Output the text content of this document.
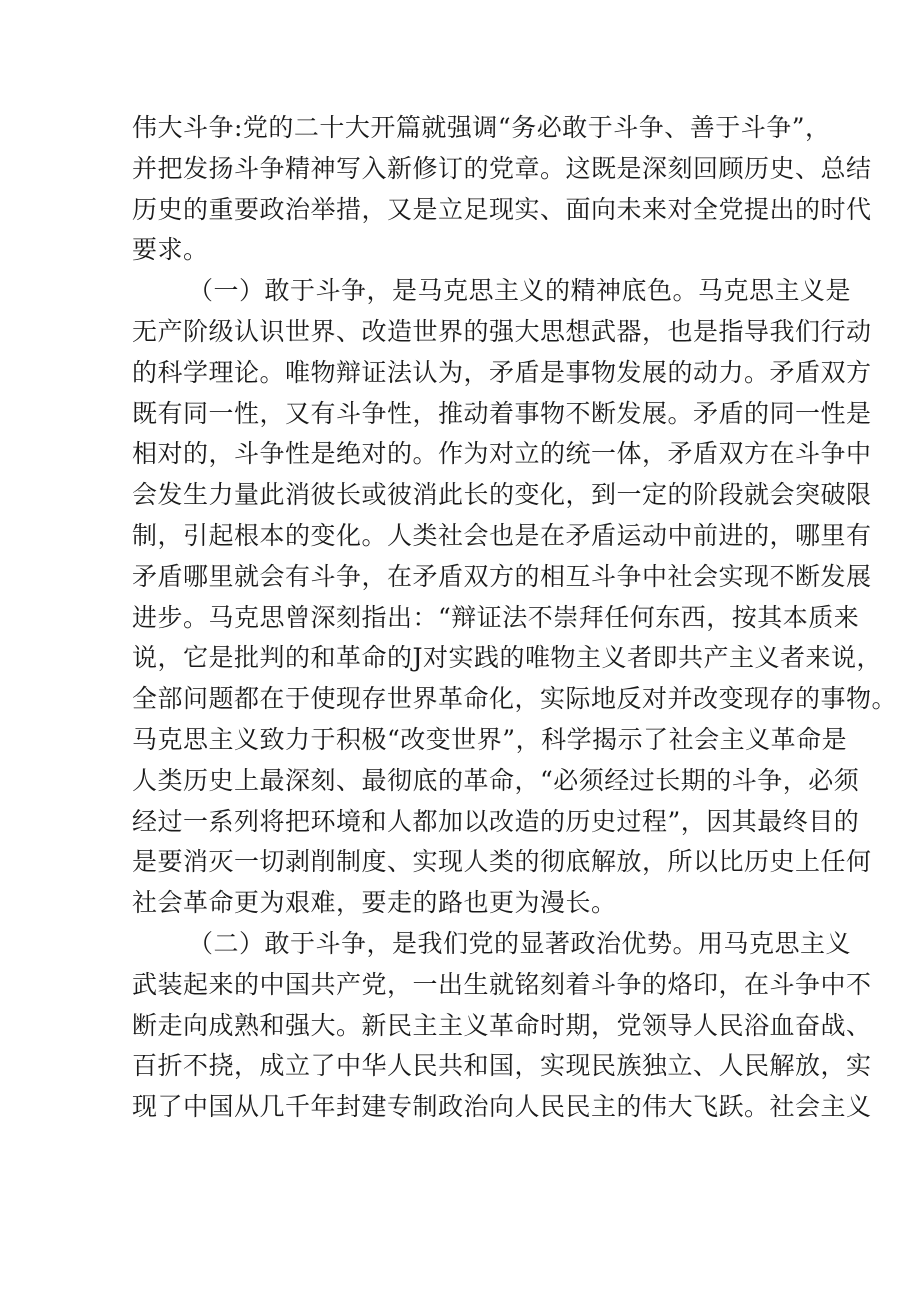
伟大斗争:党的二十大开篇就强调“务必敢于斗争、善于斗争”，
并把发扬斗争精神写入新修订的党章。这既是深刻回顾历史、总结
历史的重要政治举措，又是立足现实、面向未来对全党提出的时代
要求。
（一）敢于斗争，是马克思主义的精神底色。马克思主义是
无产阶级认识世界、改造世界的强大思想武器，也是指导我们行动
的科学理论。唯物辩证法认为，矛盾是事物发展的动力。矛盾双方
既有同一性，又有斗争性，推动着事物不断发展。矛盾的同一性是
相对的，斗争性是绝对的。作为对立的统一体，矛盾双方在斗争中
会发生力量此消彼长或彼消此长的变化，到一定的阶段就会突破限
制，引起根本的变化。人类社会也是在矛盾运动中前进的，哪里有
矛盾哪里就会有斗争，在矛盾双方的相互斗争中社会实现不断发展
进步。马克思曾深刻指出：“辩证法不崇拜任何东西，按其本质来
说，它是批判的和革命的J对实践的唯物主义者即共产主义者来说，
全部问题都在于使现存世界革命化，实际地反对并改变现存的事物。
马克思主义致力于积极“改变世界”，科学揭示了社会主义革命是
人类历史上最深刻、最彻底的革命，“必须经过长期的斗争，必须
经过一系列将把环境和人都加以改造的历史过程”，因其最终目的
是要消灭一切剥削制度、实现人类的彻底解放，所以比历史上任何
社会革命更为艰难，要走的路也更为漫长。
（二）敢于斗争，是我们党的显著政治优势。用马克思主义
武装起来的中国共产党，一出生就铭刻着斗争的烙印，在斗争中不
断走向成熟和强大。新民主主义革命时期，党领导人民浴血奋战、
百折不挠，成立了中华人民共和国，实现民族独立、人民解放，实
现了中国从几千年封建专制政治向人民民主的伟大飞跃。社会主义
